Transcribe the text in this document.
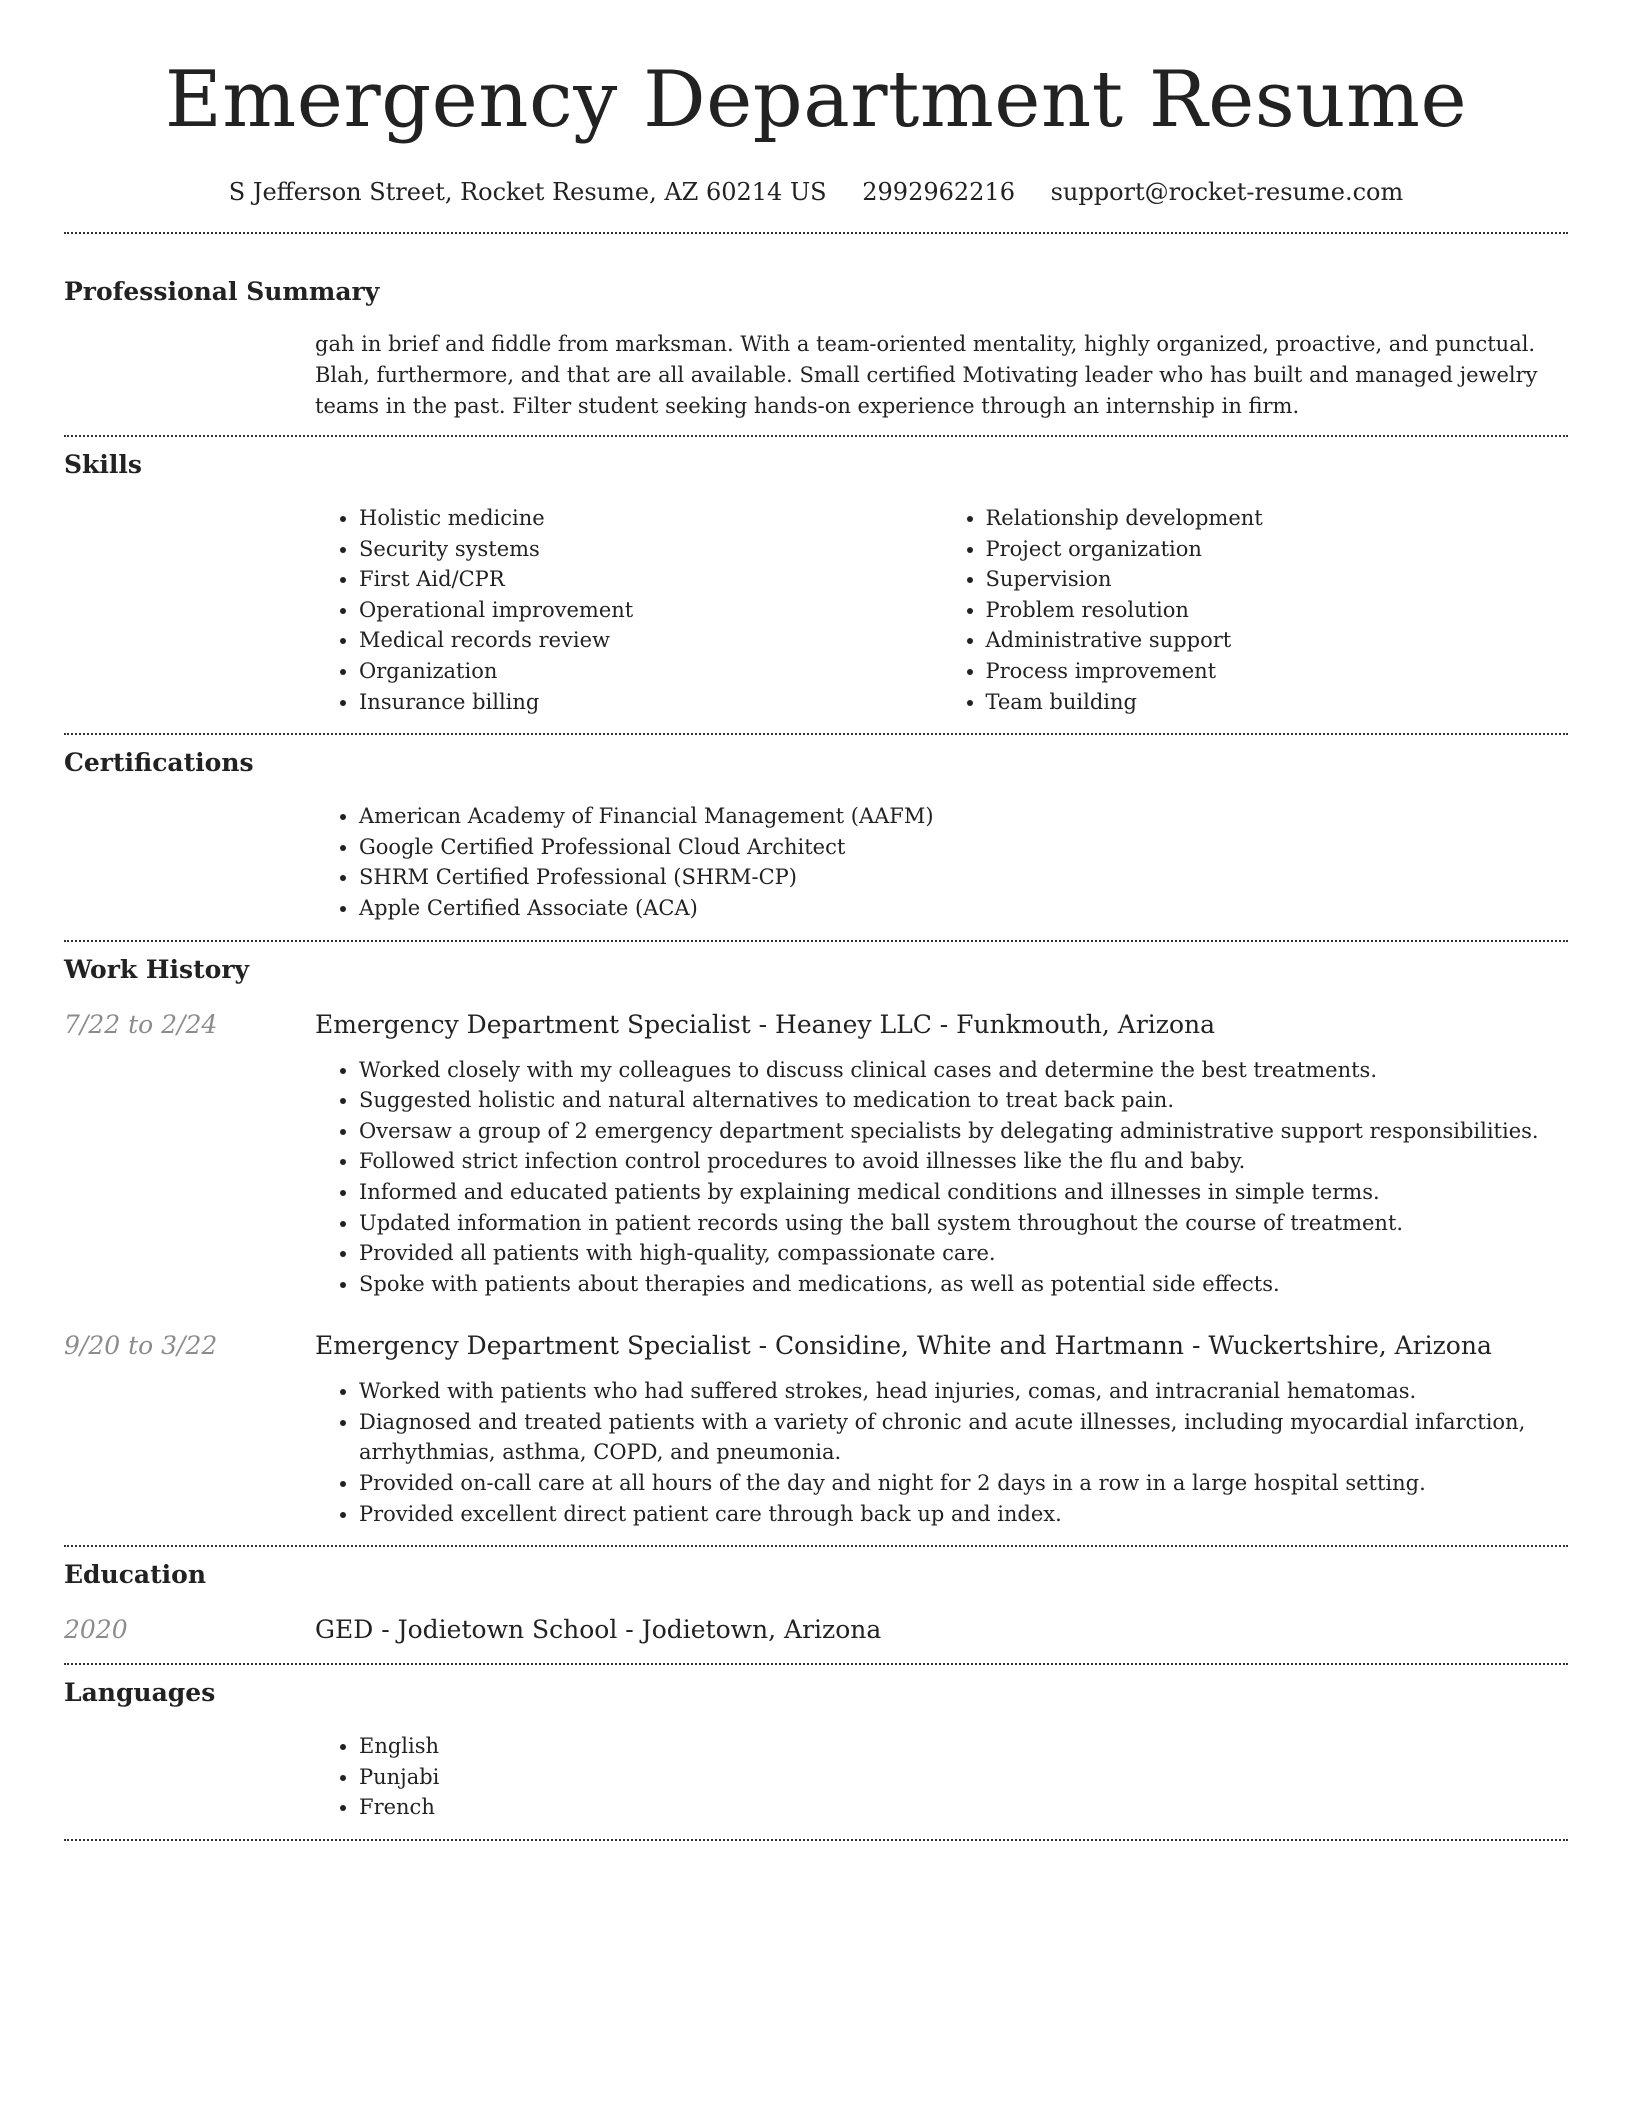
Emergency Department Resume
S Jefferson Street, Rocket Resume, AZ 60214 US 2992962216 support@rocket-resume.com
Professional Summary

gah in brief and fiddle from marksman. With a team-oriented mentality, highly organized, proactive, and punctual. Blah, furthermore, and that are all available. Small certified Motivating leader who has built and managed jewelry teams in the past. Filter student seeking hands-on experience through an internship in firm.

Skills
• Holistic medicine
• Security systems
• First Aid/CPR
• Operational improvement
• Medical records review
• Organization
• Insurance billing
• Relationship development
• Project organization
• Supervision
• Problem resolution
• Administrative support
• Process improvement
• Team building
Certifications
• American Academy of Financial Management (AAFM)
• Google Certified Professional Cloud Architect
• SHRM Certified Professional (SHRM-CP)
• Apple Certified Associate (ACA)
Work History
7/22 to 2/24	Emergency Department Specialist - Heaney LLC - Funkmouth, Arizona
• Worked closely with my colleagues to discuss clinical cases and determine the best treatments.
• Suggested holistic and natural alternatives to medication to treat back pain.
• Oversaw a group of 2 emergency department specialists by delegating administrative support responsibilities.
• Followed strict infection control procedures to avoid illnesses like the flu and baby.
• Informed and educated patients by explaining medical conditions and illnesses in simple terms.
• Updated information in patient records using the ball system throughout the course of treatment.
• Provided all patients with high-quality, compassionate care.
• Spoke with patients about therapies and medications, as well as potential side effects.
9/20 to 3/22	Emergency Department Specialist - Considine, White and Hartmann - Wuckertshire, Arizona
• Worked with patients who had suffered strokes, head injuries, comas, and intracranial hematomas.
• Diagnosed and treated patients with a variety of chronic and acute illnesses, including myocardial infarction, arrhythmias, asthma, COPD, and pneumonia.
• Provided on-call care at all hours of the day and night for 2 days in a row in a large hospital setting.
• Provided excellent direct patient care through back up and index.
Education
2020	GED - Jodietown School - Jodietown, Arizona
Languages
• English
• Punjabi
• French
